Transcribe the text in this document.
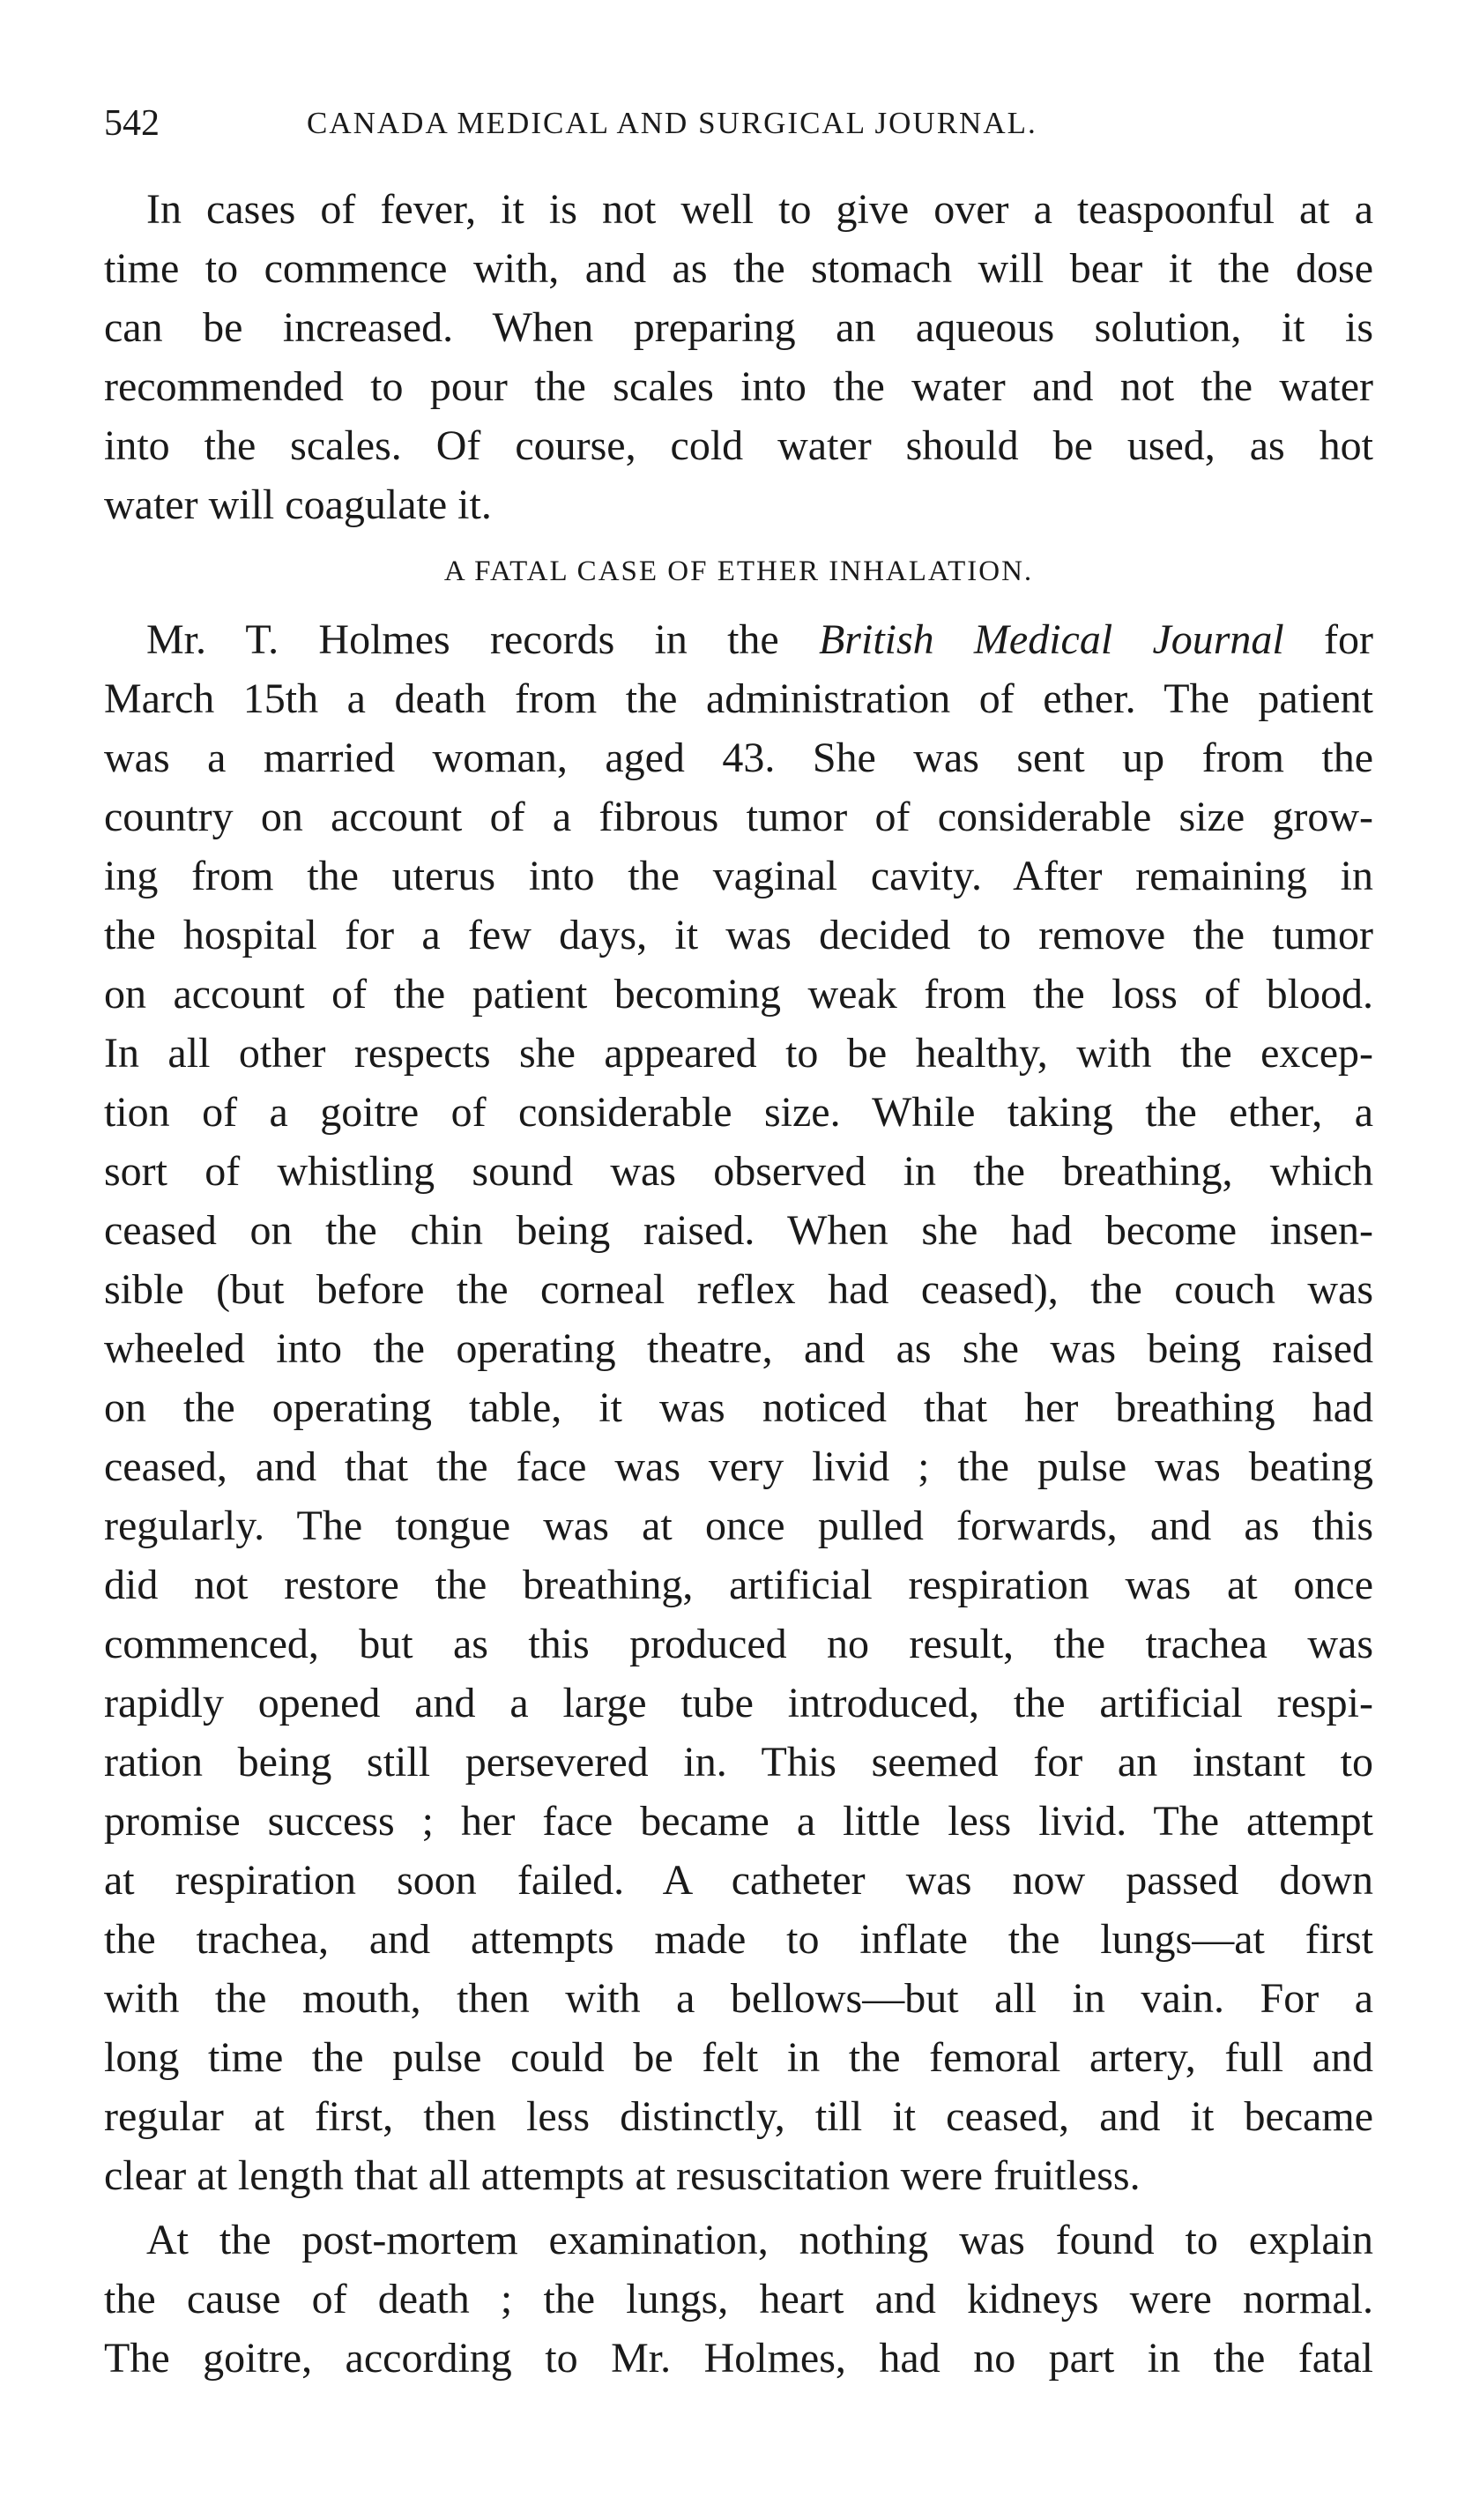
542	CANADA MEDICAL AND SURGICAL JOURNAL.
In cases of fever, it is not well to give over a teaspoonful at a
time to commence with, and as the stomach will bear it the dose
can be increased. When preparing an aqueous solution, it is
recommended to pour the scales into the water and not the water
into the scales. Of course, cold water should be used, as hot
water will coagulate it.
A FATAL CASE OF ETHER INHALATION.
Mr. T. Holmes records in the British Medical Journal for
March 15th a death from the administration of ether. The patient
was a married woman, aged 43. She was sent up from the
country on account of a fibrous tumor of considerable size grow-
ing from the uterus into the vaginal cavity. After remaining in
the hospital for a few days, it was decided to remove the tumor
on account of the patient becoming weak from the loss of blood.
In all other respects she appeared to be healthy, with the excep-
tion of a goitre of considerable size. While taking the ether, a
sort of whistling sound was observed in the breathing, which
ceased on the chin being raised. When she had become insen-
sible (but before the corneal reflex had ceased), the couch was
wheeled into the operating theatre, and as she was being raised
on the operating table, it was noticed that her breathing had
ceased, and that the face was very livid ; the pulse was beating
regularly. The tongue was at once pulled forwards, and as this
did not restore the breathing, artificial respiration was at once
commenced, but as this produced no result, the trachea was
rapidly opened and a large tube introduced, the artificial respi-
ration being still persevered in. This seemed for an instant to
promise success ; her face became a little less livid. The attempt
at respiration soon failed. A catheter was now passed down
the trachea, and attempts made to inflate the lungs—at first
with the mouth, then with a bellows—but all in vain. For a
long time the pulse could be felt in the femoral artery, full and
regular at first, then less distinctly, till it ceased, and it became
clear at length that all attempts at resuscitation were fruitless.
At the post-mortem examination, nothing was found to explain
the cause of death ; the lungs, heart and kidneys were normal.
The goitre, according to Mr. Holmes, had no part in the fatal
